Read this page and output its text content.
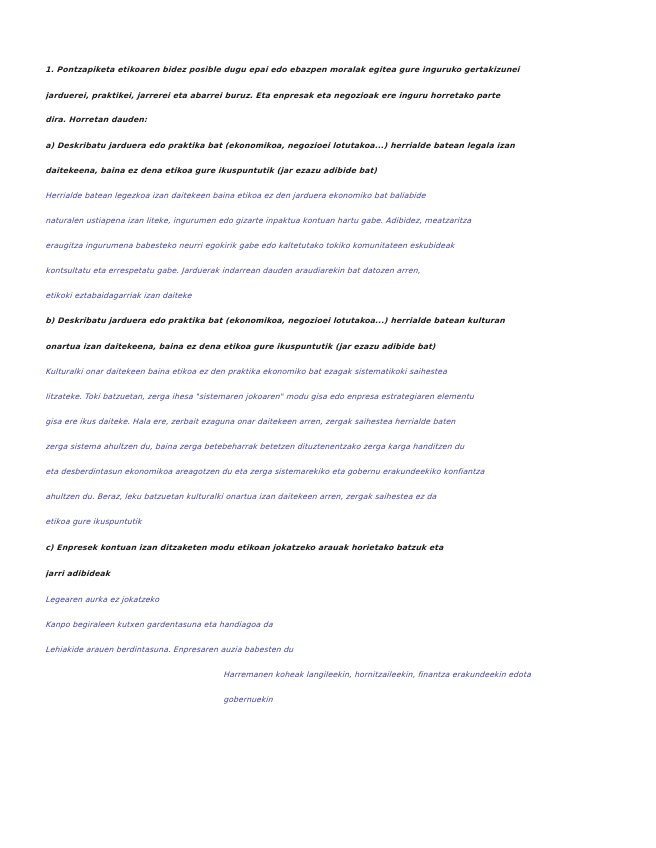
1. Pontzapiketa etikoaren bidez posible dugu epai edo ebazpen moralak egitea gure inguruko gertakizunei
jarduerei, praktikei, jarrerei eta abarrei buruz. Eta enpresak eta negozioak ere inguru horretako parte
dira. Horretan dauden:
a) Deskribatu jarduera edo praktika bat (ekonomikoa, negozioei lotutakoa...) herrialde batean legala izan
daitekeena, baina ez dena etikoa gure ikuspuntutik (jar ezazu adibide bat)
Herrialde batean legezkoa izan daitekeen baina etikoa ez den jarduera ekonomiko bat baliabide
naturalen ustiapena izan liteke, ingurumen edo gizarte inpaktua kontuan hartu gabe. Adibidez, meatzaritza
eraugitza ingurumena babesteko neurri egokirik gabe edo kaltetutako tokiko komunitateen eskubideak
kontsultatu eta errespetatu gabe. Jarduerak indarrean dauden araudiarekin bat datozen arren,
etikoki eztabaidagarriak izan daiteke
b) Deskribatu jarduera edo praktika bat (ekonomikoa, negozioei lotutakoa...) herrialde batean kulturan
onartua izan daitekeena, baina ez dena etikoa gure ikuspuntutik (jar ezazu adibide bat)
Kulturalki onar daitekeen baina etikoa ez den praktika ekonomiko bat ezagak sistematikoki saihestea
litzateke. Toki batzuetan, zerga ihesa "sistemaren jokoaren" modu gisa edo enpresa estrategiaren elementu
gisa ere ikus daiteke. Hala ere, zerbait ezaguna onar daitekeen arren, zergak saihestea herrialde baten
zerga sistema ahultzen du, baina zerga betebeharrak betetzen dituztenentzako zerga karga handitzen du
eta desberdintasun ekonomikoa areagotzen du eta zerga sistemarekiko eta gobernu erakundeekiko konfiantza
ahultzen du. Beraz, leku batzuetan kulturalki onartua izan daitekeen arren, zergak saihestea ez da
etikoa gure ikuspuntutik
c) Enpresek kontuan izan ditzaketen modu etikoan jokatzeko arauak horietako batzuk eta
jarri adibideak
Legearen aurka ez jokatzeko
Kanpo begiraleen kutxen gardentasuna eta handiagoa da
Lehiakide arauen berdintasuna. Enpresaren auzia babesten du
Harremanen koheak langileekin, hornitzaileekin, finantza erakundeekin edota
gobernuekin
